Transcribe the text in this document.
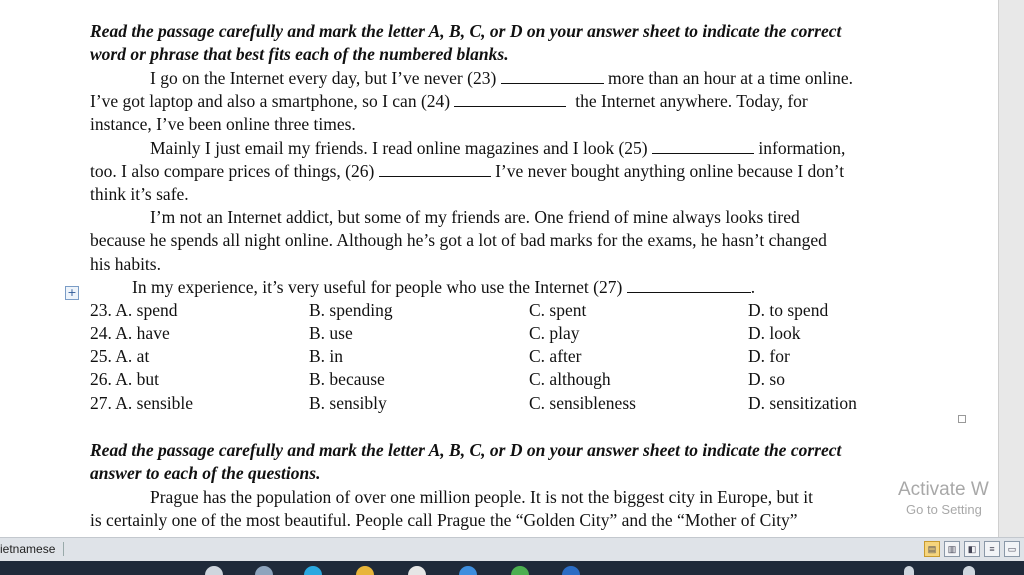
Read the passage carefully and mark the letter A, B, C, or D on your answer sheet to indicate the correct
word or phrase that best fits each of the numbered blanks.
I go on the Internet every day, but I’ve never (23)	more than an hour at a time online.
I’ve got laptop and also a smartphone, so I can (24)	the Internet anywhere. Today, for
instance, I’ve been online three times.
Mainly I just email my friends. I read online magazines and I look (25)	information,
too. I also compare prices of things, (26)	I’ve never bought anything online because I don’t
think it’s safe.
I’m not an Internet addict, but some of my friends are. One friend of mine always looks tired
because he spends all night online. Although he’s got a lot of bad marks for the exams, he hasn’t changed
his habits.
In my experience, it’s very useful for people who use the Internet (27)	.
+
23. A. spend	B. spending	C. spent	D. to spend
24. A. have	B. use	C. play	D. look
25. A. at	B. in	C. after	D. for
26. A. but	B. because	C. although	D. so
27. A. sensible	B. sensibly	C. sensibleness	D. sensitization
Read the passage carefully and mark the letter A, B, C, or D on your answer sheet to indicate the correct
answer to each of the questions.
Prague has the population of over one million people. It is not the biggest city in Europe, but it
is certainly one of the most beautiful. People call Prague the “Golden City” and the “Mother of City”
Activate W
Go to Setting
ietnamese	▤	▥	◧	≡	▭
